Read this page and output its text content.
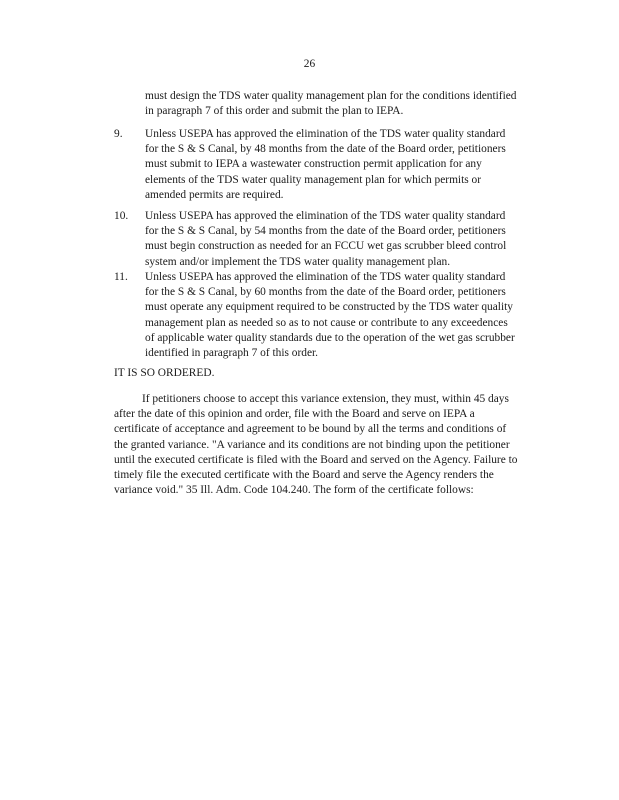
26

must design the TDS water quality management plan for the conditions identified in paragraph 7 of this order and submit the plan to IEPA.

9.	Unless USEPA has approved the elimination of the TDS water quality standard for the S & S Canal, by 48 months from the date of the Board order, petitioners must submit to IEPA a wastewater construction permit application for any elements of the TDS water quality management plan for which permits or amended permits are required.

10.	Unless USEPA has approved the elimination of the TDS water quality standard for the S & S Canal, by 54 months from the date of the Board order, petitioners must begin construction as needed for an FCCU wet gas scrubber bleed control system and/or implement the TDS water quality management plan.

11.	Unless USEPA has approved the elimination of the TDS water quality standard for the S & S Canal, by 60 months from the date of the Board order, petitioners must operate any equipment required to be constructed by the TDS water quality management plan as needed so as to not cause or contribute to any exceedences of applicable water quality standards due to the operation of the wet gas scrubber identified in paragraph 7 of this order.

IT IS SO ORDERED.

If petitioners choose to accept this variance extension, they must, within 45 days after the date of this opinion and order, file with the Board and serve on IEPA a certificate of acceptance and agreement to be bound by all the terms and conditions of the granted variance. "A variance and its conditions are not binding upon the petitioner until the executed certificate is filed with the Board and served on the Agency. Failure to timely file the executed certificate with the Board and serve the Agency renders the variance void." 35 Ill. Adm. Code 104.240. The form of the certificate follows:
